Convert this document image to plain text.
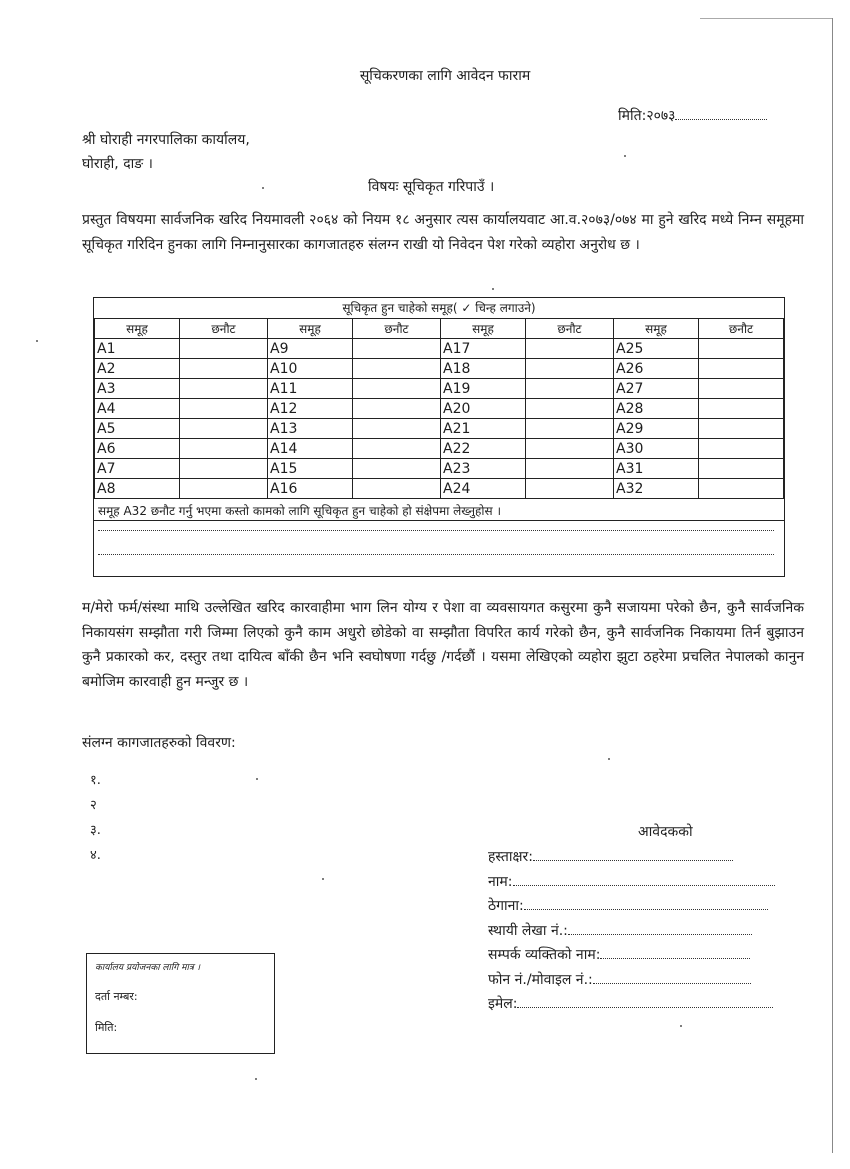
सूचिकरणका लागि आवेदन फाराम
मिति:२०७३
श्री घोराही नगरपालिका कार्यालय,
घोराही, दाङ ।
विषयः सूचिकृत गरिपाउँ ।
प्रस्तुत विषयमा सार्वजनिक खरिद नियमावली २०६४ को नियम १८ अनुसार त्यस कार्यालयवाट आ.व.२०७३/०७४ मा हुने खरिद मध्ये निम्न समूहमा सूचिकृत गरिदिन हुनका लागि निम्नानुसारका कागजातहरु संलग्न राखी यो निवेदन पेश गरेको व्यहोरा अनुरोध छ ।
सूचिकृत हुन चाहेको समूह( ✓ चिन्ह लगाउने)
समूह	छनौट	समूह	छनौट	समूह	छनौट	समूह	छनौट
A1		A9		A17		A25	
A2		A10		A18		A26	
A3		A11		A19		A27	
A4		A12		A20		A28	
A5		A13		A21		A29	
A6		A14		A22		A30	
A7		A15		A23		A31	
A8		A16		A24		A32	
समूह A32 छनौट गर्नु भएमा कस्तो कामको लागि सूचिकृत हुन चाहेको हो संक्षेपमा लेख्नुहोस ।
म/मेरो फर्म/संस्था माथि उल्लेखित खरिद कारवाहीमा भाग लिन योग्य र पेशा वा व्यवसायगत कसुरमा कुनै सजायमा परेको छैन, कुनै सार्वजनिक निकायसंग सम्झौता गरी जिम्मा लिएको कुनै काम अधुरो छोडेको वा सम्झौता विपरित कार्य गरेको छैन, कुनै सार्वजनिक निकायमा तिर्न बुझाउन कुनै प्रकारको कर, दस्तुर तथा दायित्व बाँकी छैन भनि स्वघोषणा गर्दछु /गर्दछौं । यसमा लेखिएको व्यहोरा झुटा ठहरेमा प्रचलित नेपालको कानुन बमोजिम कारवाही हुन मन्जुर छ ।
संलग्न कागजातहरुको विवरण:
१.
२
३.
४.
आवेदकको
हस्ताक्षर:
नाम:
ठेगाना:
स्थायी लेखा नं.:
सम्पर्क व्यक्तिको नाम:
फोन नं./मोवाइल नं.:
इमेल:
कार्यालय प्रयोजनका लागि मात्र ।
दर्ता नम्बर:
मिति:
